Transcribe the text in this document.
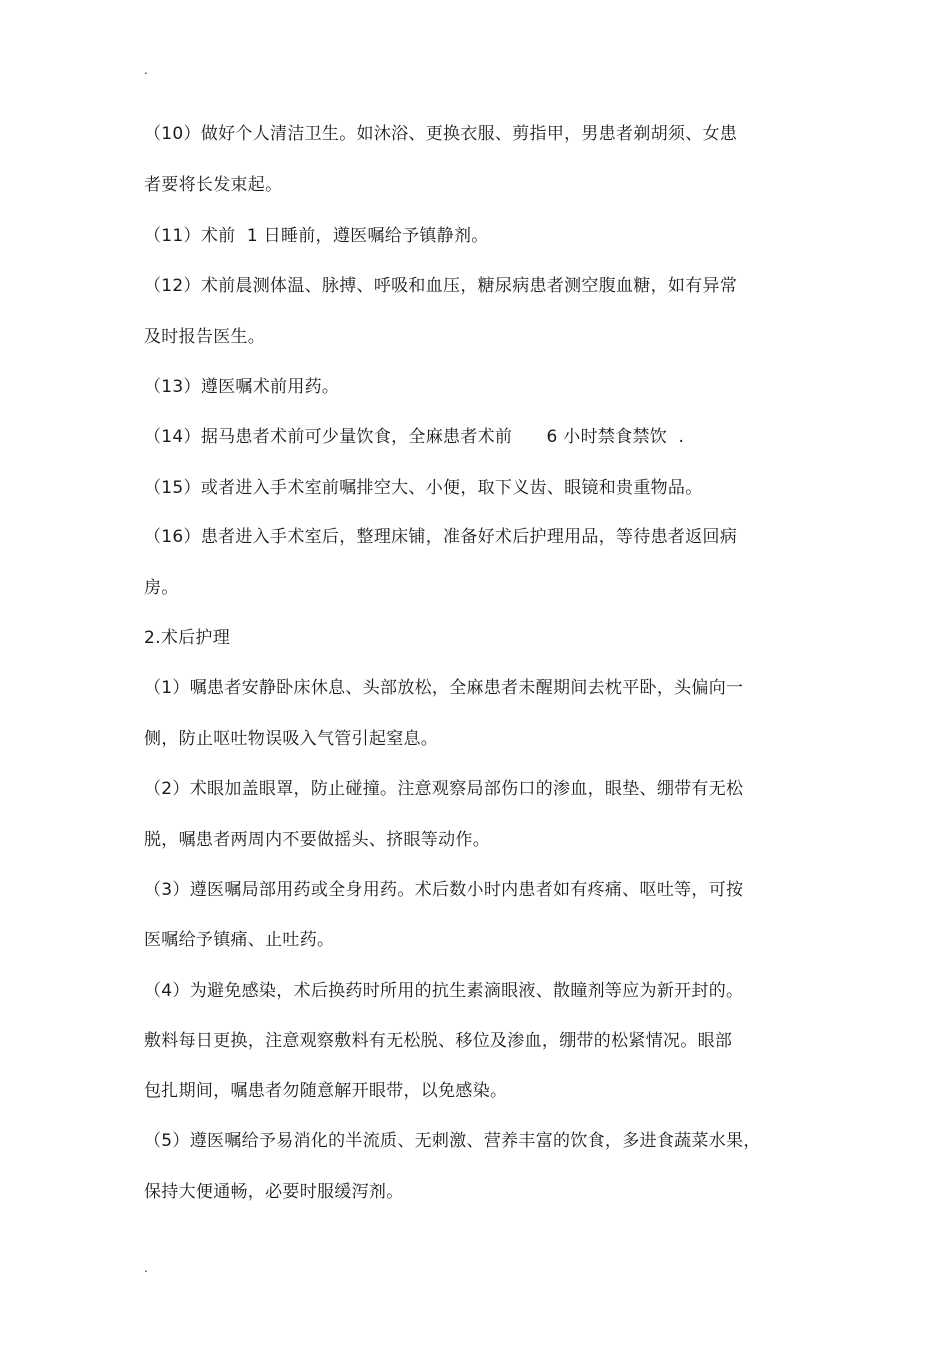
.
（10）做好个人清洁卫生。如沐浴、更换衣服、剪指甲，男患者剃胡须、女患
者要将长发束起。
（11）术前  1 日睡前，遵医嘱给予镇静剂。
（12）术前晨测体温、脉搏、呼吸和血压，糖尿病患者测空腹血糖，如有异常
及时报告医生。
（13）遵医嘱术前用药。
（14）据马患者术前可少量饮食，全麻患者术前      6 小时禁食禁饮  .
（15）或者进入手术室前嘱排空大、小便，取下义齿、眼镜和贵重物品。
（16）患者进入手术室后，整理床铺，准备好术后护理用品，等待患者返回病
房。
2.术后护理
（1）嘱患者安静卧床休息、头部放松，全麻患者未醒期间去枕平卧，头偏向一
侧，防止呕吐物误吸入气管引起窒息。
（2）术眼加盖眼罩，防止碰撞。注意观察局部伤口的渗血，眼垫、绷带有无松
脱，嘱患者两周内不要做摇头、挤眼等动作。
（3）遵医嘱局部用药或全身用药。术后数小时内患者如有疼痛、呕吐等，可按
医嘱给予镇痛、止吐药。
（4）为避免感染，术后换药时所用的抗生素滴眼液、散瞳剂等应为新开封的。
敷料每日更换，注意观察敷料有无松脱、移位及渗血，绷带的松紧情况。眼部
包扎期间，嘱患者勿随意解开眼带，以免感染。
（5）遵医嘱给予易消化的半流质、无刺激、营养丰富的饮食，多进食蔬菜水果，
保持大便通畅，必要时服缓泻剂。
.
